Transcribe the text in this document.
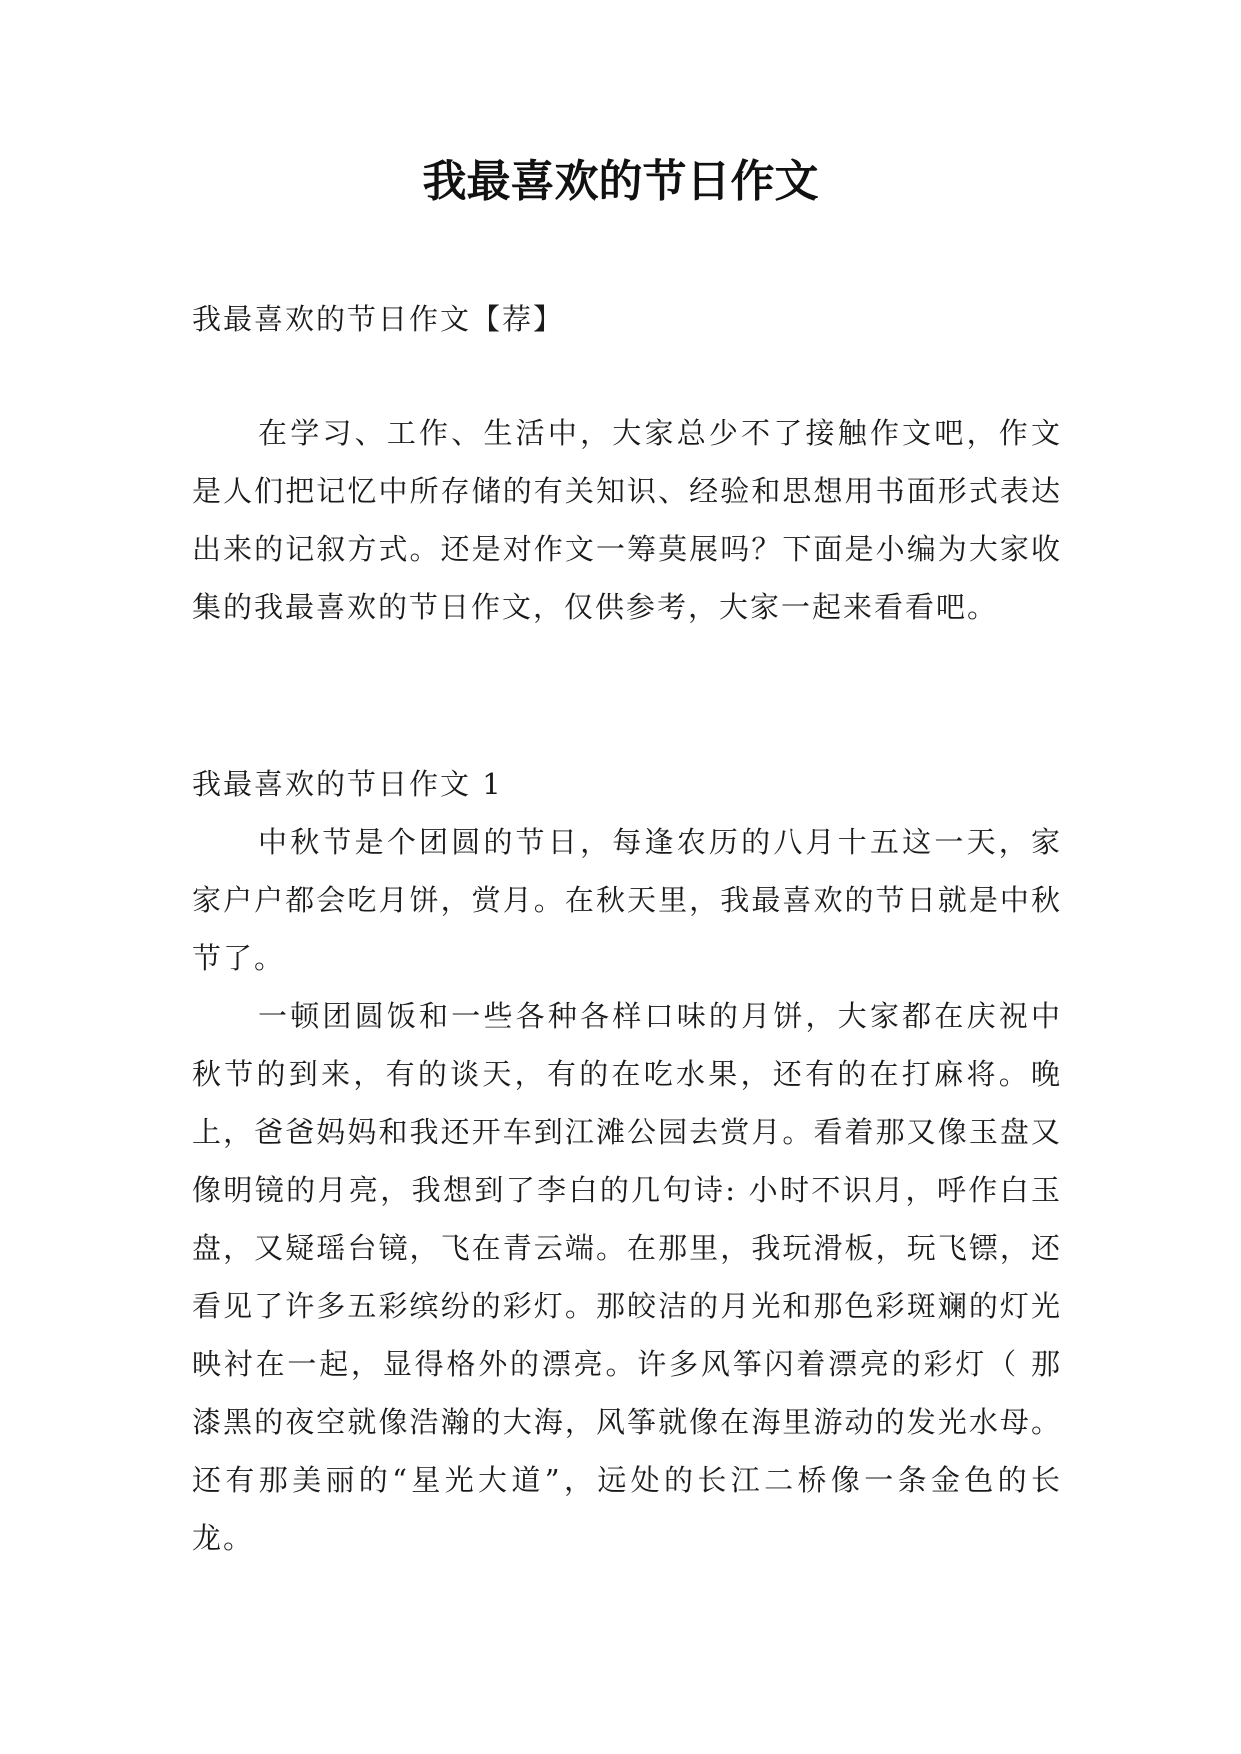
我最喜欢的节日作文
我最喜欢的节日作文【荐】
在学习、工作、生活中，大家总少不了接触作文吧，作文是人们把记忆中所存储的有关知识、经验和思想用书面形式表达出来的记叙方式。还是对作文一筹莫展吗？下面是小编为大家收集的我最喜欢的节日作文，仅供参考，大家一起来看看吧。
我最喜欢的节日作文 1
中秋节是个团圆的节日，每逢农历的八月十五这一天，家家户户都会吃月饼，赏月。在秋天里，我最喜欢的节日就是中秋节了。
一顿团圆饭和一些各种各样口味的月饼，大家都在庆祝中秋节的到来，有的谈天，有的在吃水果，还有的在打麻将。晚上，爸爸妈妈和我还开车到江滩公园去赏月。看着那又像玉盘又像明镜的月亮，我想到了李白的几句诗: 小时不识月，呼作白玉盘，又疑瑶台镜，飞在青云端。在那里，我玩滑板，玩飞镖，还看见了许多五彩缤纷的彩灯。那皎洁的月光和那色彩斑斓的灯光映衬在一起，显得格外的漂亮。许多风筝闪着漂亮的彩灯（ 那漆黑的夜空就像浩瀚的大海，风筝就像在海里游动的发光水母。还有那美丽的“星光大道”，远处的长江二桥像一条金色的长龙。
